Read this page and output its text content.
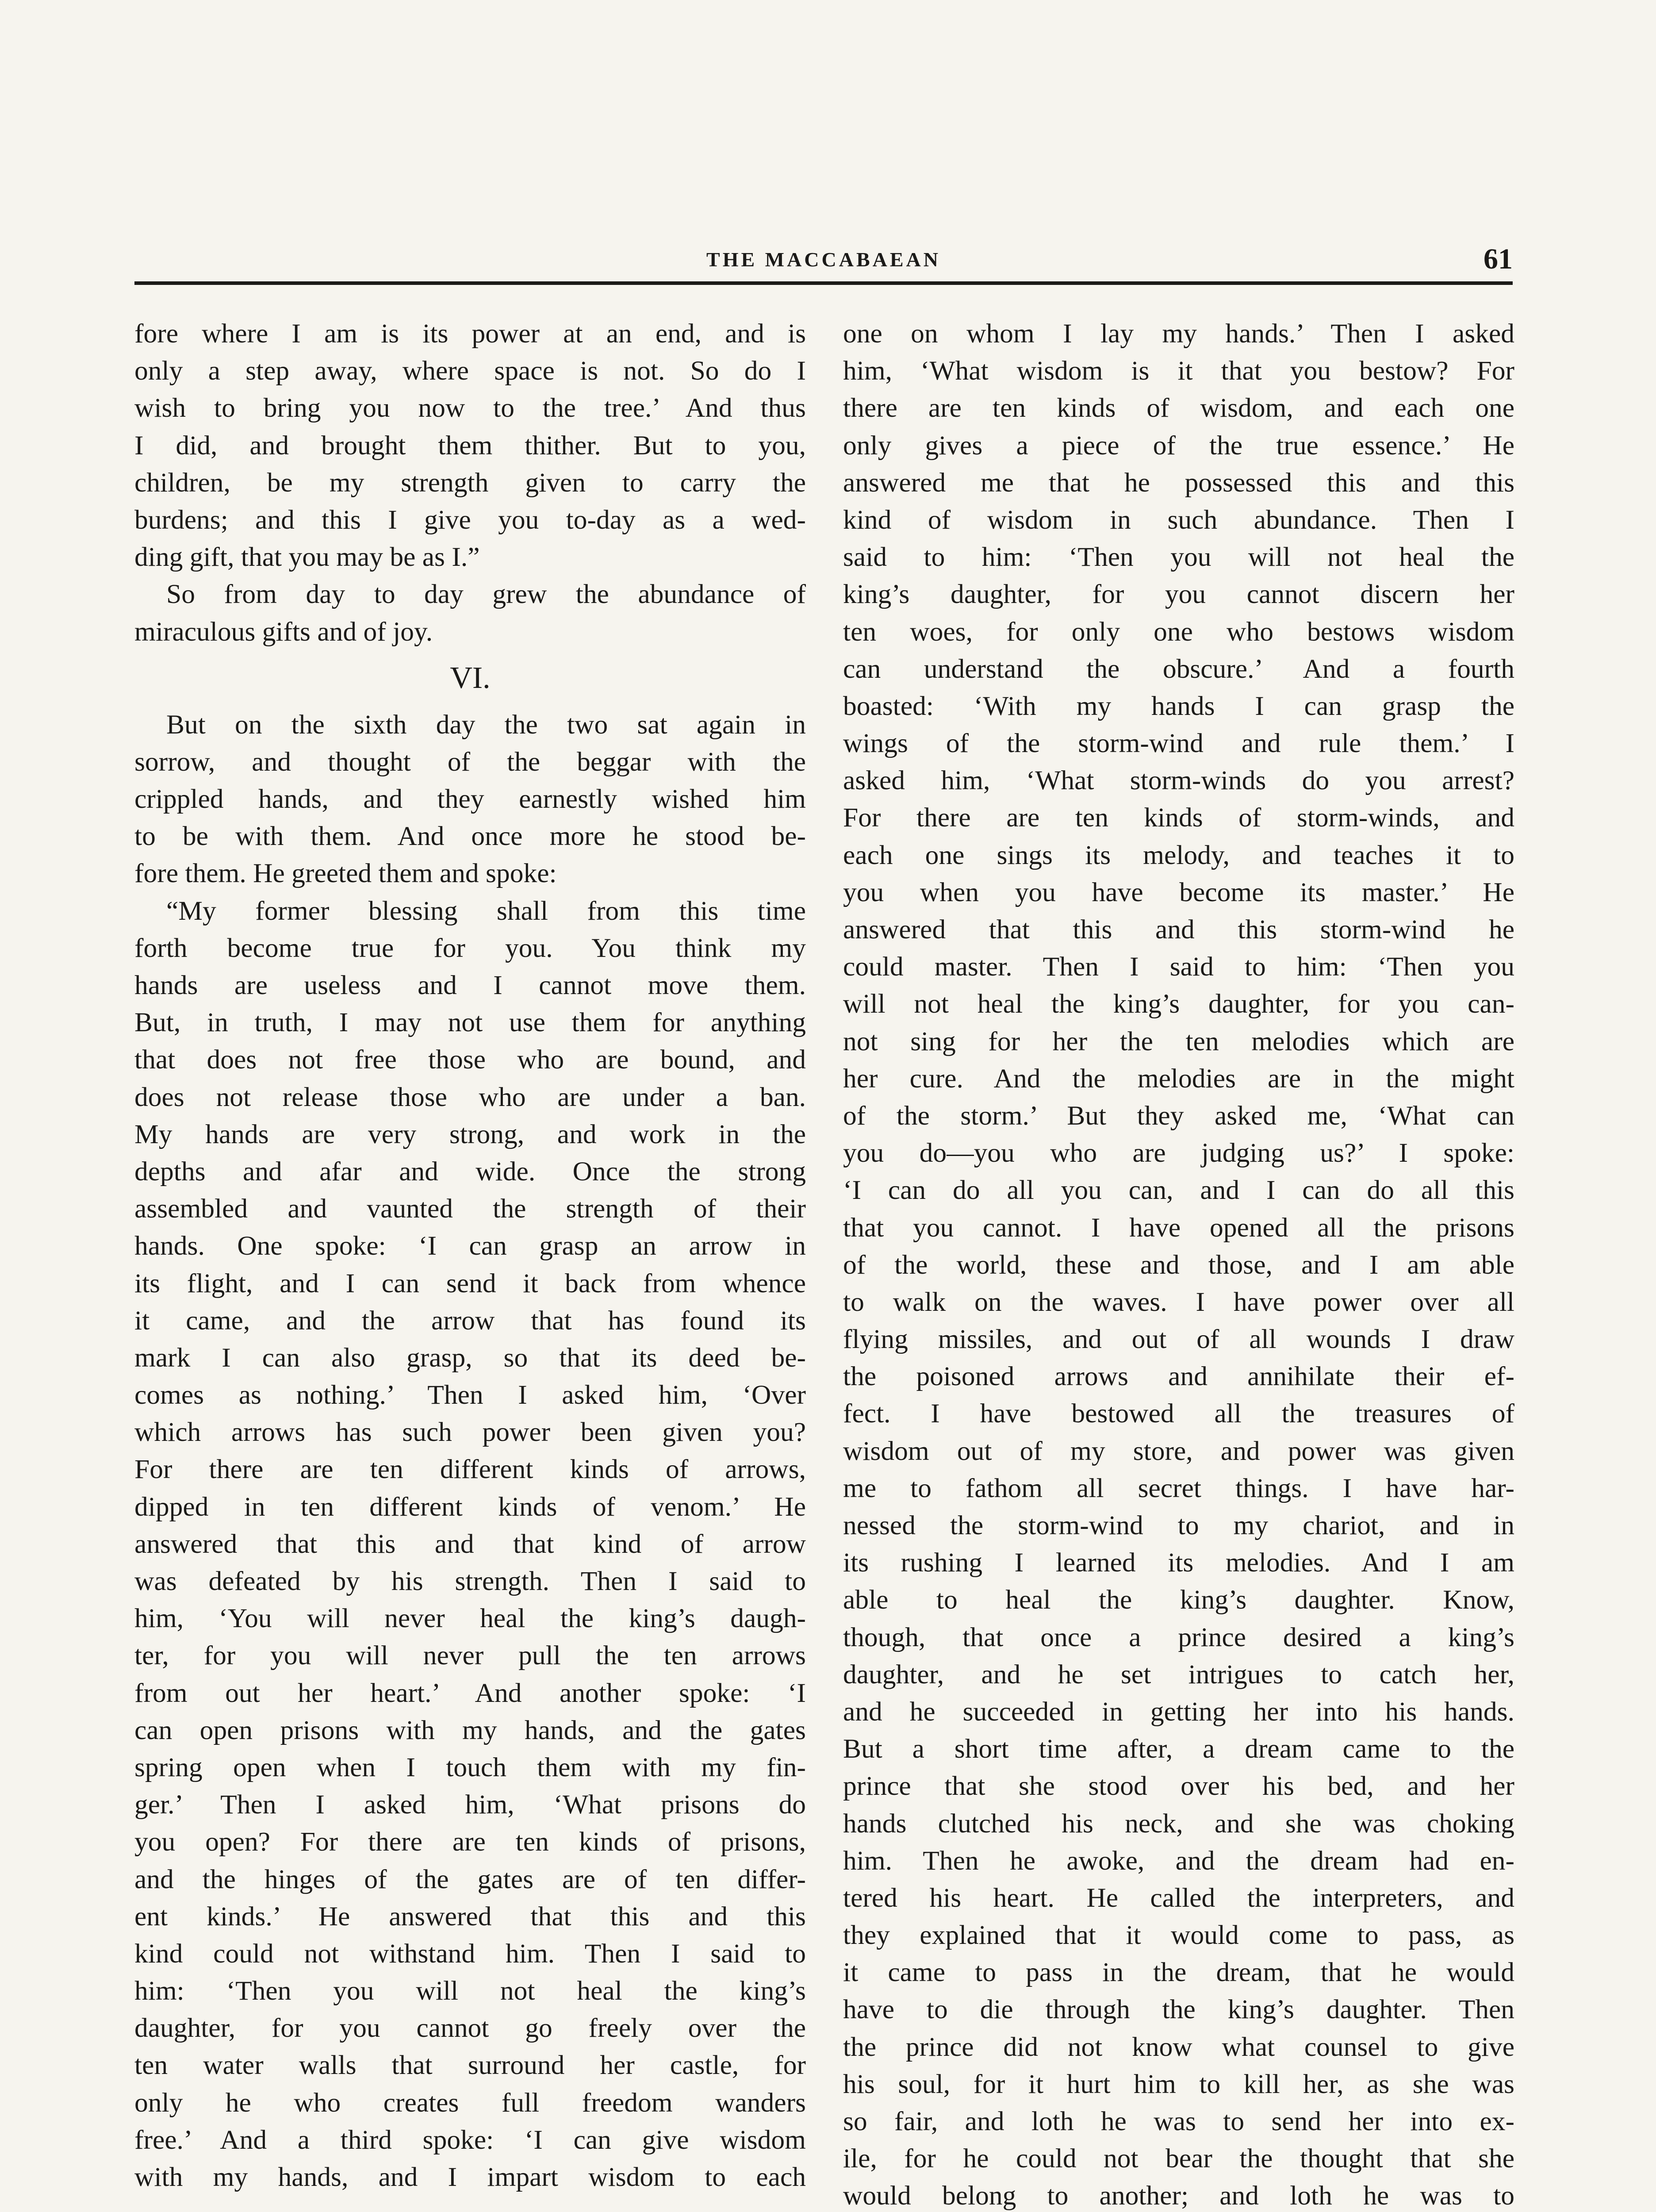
THE MACCABAEAN	61
fore where I am is its power at an end, and is
only a step away, where space is not. So do I
wish to bring you now to the tree.’ And thus
I did, and brought them thither. But to you,
children, be my strength given to carry the
burdens; and this I give you to-day as a wed-
ding gift, that you may be as I.”
So from day to day grew the abundance of
miraculous gifts and of joy.
VI.
But on the sixth day the two sat again in
sorrow, and thought of the beggar with the
crippled hands, and they earnestly wished him
to be with them. And once more he stood be-
fore them. He greeted them and spoke:
“My former blessing shall from this time
forth become true for you. You think my
hands are useless and I cannot move them.
But, in truth, I may not use them for anything
that does not free those who are bound, and
does not release those who are under a ban.
My hands are very strong, and work in the
depths and afar and wide. Once the strong
assembled and vaunted the strength of their
hands. One spoke: ‘I can grasp an arrow in
its flight, and I can send it back from whence
it came, and the arrow that has found its
mark I can also grasp, so that its deed be-
comes as nothing.’ Then I asked him, ‘Over
which arrows has such power been given you?
For there are ten different kinds of arrows,
dipped in ten different kinds of venom.’ He
answered that this and that kind of arrow
was defeated by his strength. Then I said to
him, ‘You will never heal the king’s daugh-
ter, for you will never pull the ten arrows
from out her heart.’ And another spoke: ‘I
can open prisons with my hands, and the gates
spring open when I touch them with my fin-
ger.’ Then I asked him, ‘What prisons do
you open? For there are ten kinds of prisons,
and the hinges of the gates are of ten differ-
ent kinds.’ He answered that this and this
kind could not withstand him. Then I said to
him: ‘Then you will not heal the king’s
daughter, for you cannot go freely over the
ten water walls that surround her castle, for
only he who creates full freedom wanders
free.’ And a third spoke: ‘I can give wisdom
with my hands, and I impart wisdom to each
one on whom I lay my hands.’ Then I asked
him, ‘What wisdom is it that you bestow? For
there are ten kinds of wisdom, and each one
only gives a piece of the true essence.’ He
answered me that he possessed this and this
kind of wisdom in such abundance. Then I
said to him: ‘Then you will not heal the
king’s daughter, for you cannot discern her
ten woes, for only one who bestows wisdom
can understand the obscure.’ And a fourth
boasted: ‘With my hands I can grasp the
wings of the storm-wind and rule them.’ I
asked him, ‘What storm-winds do you arrest?
For there are ten kinds of storm-winds, and
each one sings its melody, and teaches it to
you when you have become its master.’ He
answered that this and this storm-wind he
could master. Then I said to him: ‘Then you
will not heal the king’s daughter, for you can-
not sing for her the ten melodies which are
her cure. And the melodies are in the might
of the storm.’ But they asked me, ‘What can
you do—you who are judging us?’ I spoke:
‘I can do all you can, and I can do all this
that you cannot. I have opened all the prisons
of the world, these and those, and I am able
to walk on the waves. I have power over all
flying missiles, and out of all wounds I draw
the poisoned arrows and annihilate their ef-
fect. I have bestowed all the treasures of
wisdom out of my store, and power was given
me to fathom all secret things. I have har-
nessed the storm-wind to my chariot, and in
its rushing I learned its melodies. And I am
able to heal the king’s daughter. Know,
though, that once a prince desired a king’s
daughter, and he set intrigues to catch her,
and he succeeded in getting her into his hands.
But a short time after, a dream came to the
prince that she stood over his bed, and her
hands clutched his neck, and she was choking
him. Then he awoke, and the dream had en-
tered his heart. He called the interpreters, and
they explained that it would come to pass, as
it came to pass in the dream, that he would
have to die through the king’s daughter. Then
the prince did not know what counsel to give
his soul, for it hurt him to kill her, as she was
so fair, and loth he was to send her into ex-
ile, for he could not bear the thought that she
would belong to another; and loth he was to
